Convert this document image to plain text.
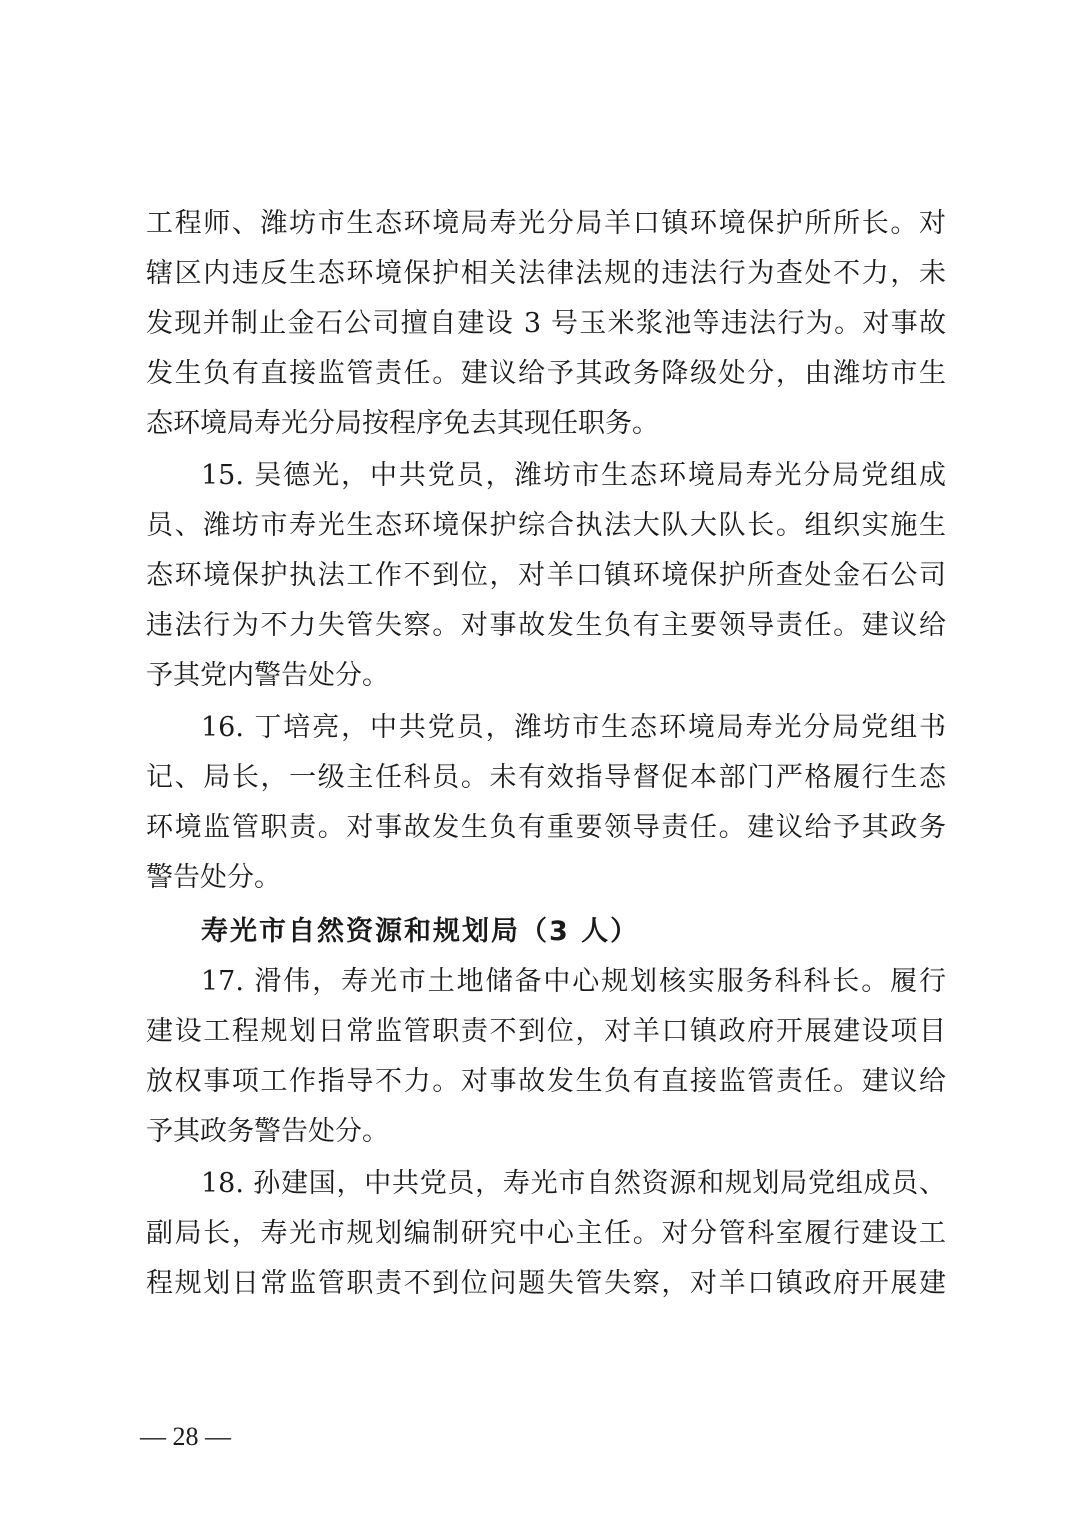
工程师、潍坊市生态环境局寿光分局羊口镇环境保护所所长。对
辖区内违反生态环境保护相关法律法规的违法行为查处不力，未
发现并制止金石公司擅自建设 3 号玉米浆池等违法行为。对事故
发生负有直接监管责任。建议给予其政务降级处分，由潍坊市生
态环境局寿光分局按程序免去其现任职务。
15. 吴德光，中共党员，潍坊市生态环境局寿光分局党组成
员、潍坊市寿光生态环境保护综合执法大队大队长。组织实施生
态环境保护执法工作不到位，对羊口镇环境保护所查处金石公司
违法行为不力失管失察。对事故发生负有主要领导责任。建议给
予其党内警告处分。
16. 丁培亮，中共党员，潍坊市生态环境局寿光分局党组书
记、局长，一级主任科员。未有效指导督促本部门严格履行生态
环境监管职责。对事故发生负有重要领导责任。建议给予其政务
警告处分。
寿光市自然资源和规划局（3 人）
17. 滑伟，寿光市土地储备中心规划核实服务科科长。履行
建设工程规划日常监管职责不到位，对羊口镇政府开展建设项目
放权事项工作指导不力。对事故发生负有直接监管责任。建议给
予其政务警告处分。
18. 孙建国，中共党员，寿光市自然资源和规划局党组成员、
副局长，寿光市规划编制研究中心主任。对分管科室履行建设工
程规划日常监管职责不到位问题失管失察，对羊口镇政府开展建
— 28 —
